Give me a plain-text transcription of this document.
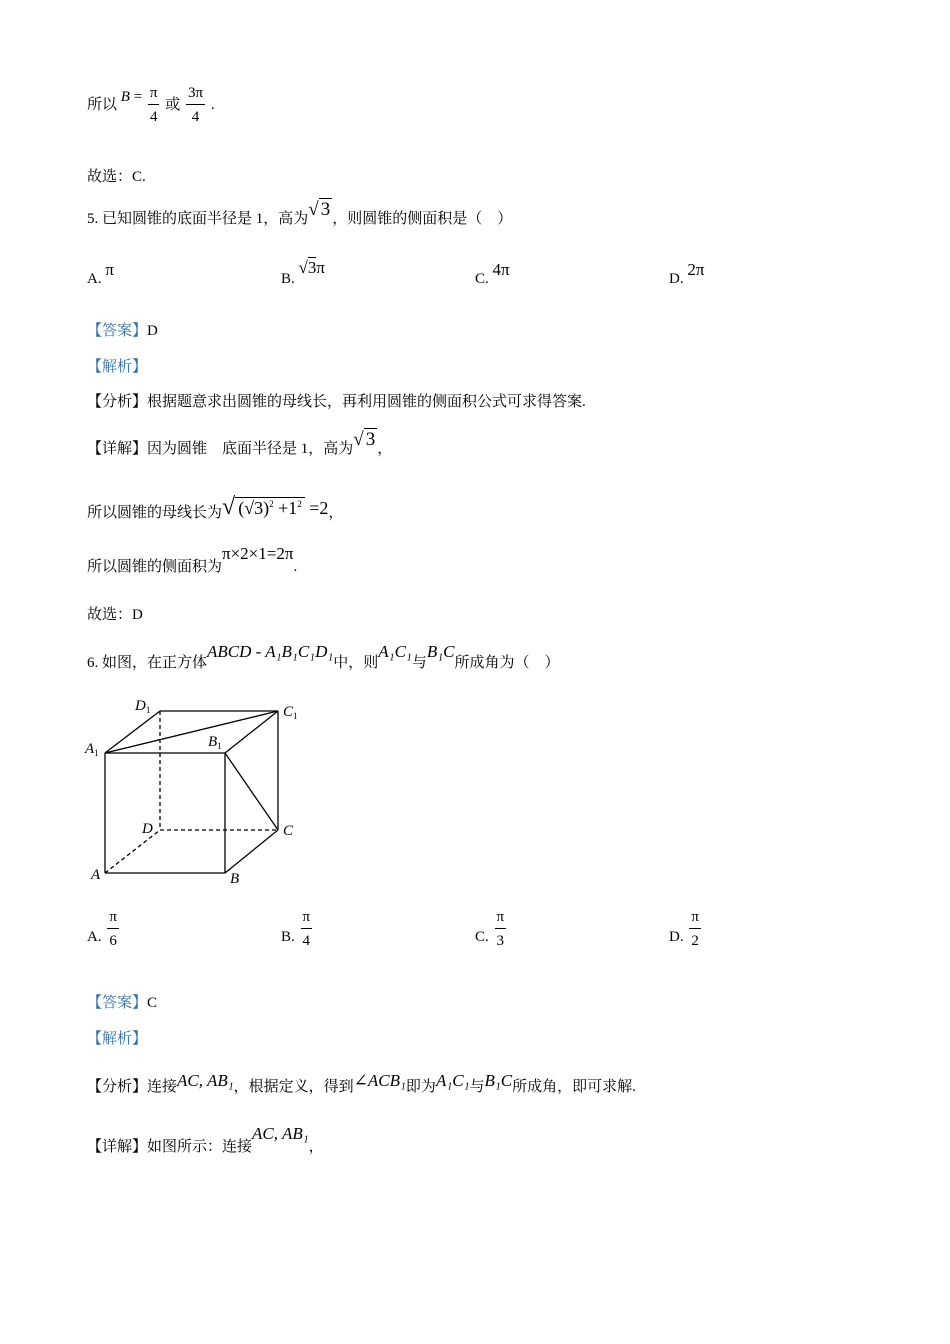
所以 $B = \frac{\pi}{4}$ 或 $\frac{3\pi}{4}$ .
故选：C.
5. 已知圆锥的底面半径是 1，高为√ 3 ，则圆锥的侧面积是（　）
A. π	B. √3π
C. 4π	D. 2π
【答案】D
【解析】
【分析】根据题意求出圆锥的母线长，再利用圆锥的侧面积公式可求得答案.
【详解】因为圆锥　底面半径是 1，高为√ 3 ，
所以圆锥的母线长为√ $(√3)^2 +1^2 =2$，
所以圆锥的侧面积为π×2×1=2π.
故选：D
6. 如图，在正方体ABCD - A₁B₁C₁D₁中，则A₁C₁与B₁C所成角为（　）
$D_1$	$C_1$
$A_1$
$B_1$
D	C
A	B
A. $\frac{\pi}{6}$	B. $\frac{\pi}{4}$	C. $\frac{\pi}{3}$	D. $\frac{\pi}{2}$
【答案】C
【解析】
【分析】连接AC, AB₁，根据定义，得到∠ACB₁即为A₁C₁与B₁C所成角，即可求解.
【详解】如图所示：连接AC, AB₁，
